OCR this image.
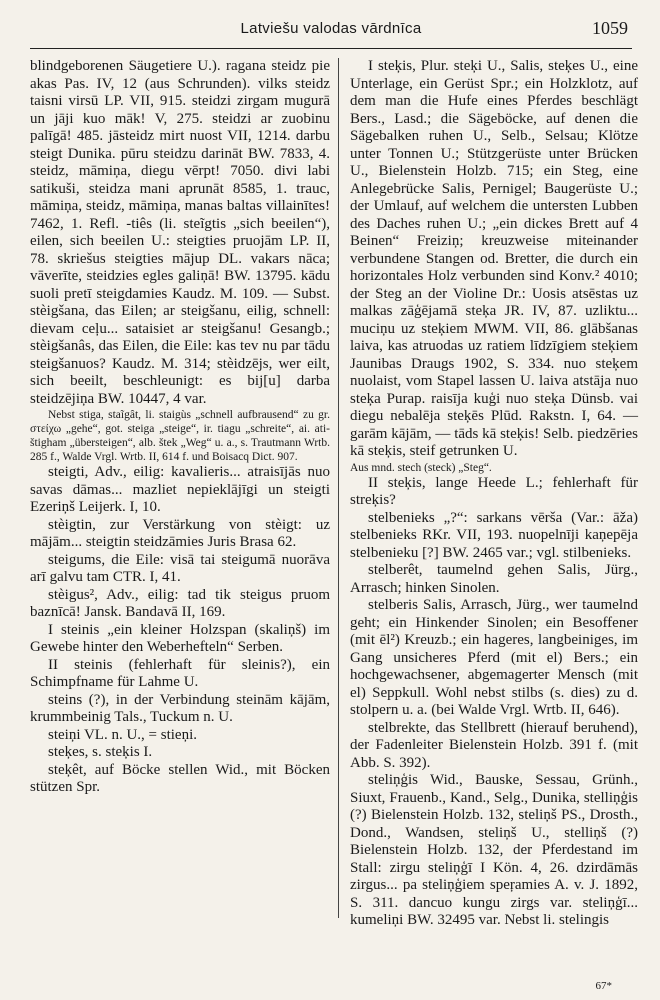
Latviešu valodas vārdnīca	1059

blindgeborenen Säugetiere U.). ragana steidz pie akas Pas. IV, 12 (aus Schrunden). vilks steidz taisni virsū LP. VII, 915. steidzi zirgam mugurā un jāji kuo māk! V, 275. steidzi ar zuobinu palīgā! 485. jāsteidz mirt nuost VII, 1214. darbu steigt Dunika. pūru steidzu darināt BW. 7833, 4. steidz, māmiņa, diegu vērpt! 7050. divi labi satikuši, steidza mani aprunāt 8585, 1. trauc, māmiņa, steidz, māmiņa, manas baltas villainītes! 7462, 1. Refl. -tiês (li. steĩgtis „sich beeilen“), eilen, sich beeilen U.: steigties pruojām LP. II, 78. skriešus steigties mājup DL. vakars nāca; vāverīte, steidzies egles galiņā! BW. 13795. kādu suoli pretī steigdamies Kaudz. M. 109. — Subst. stèigšana, das Eilen; ar steigšanu, eilig, schnell: dievam ceļu... sataisiet ar steigšanu! Gesangb.; stèigšanâs, das Eilen, die Eile: kas tev nu par tādu steigšanuos? Kaudz. M. 314; stèidzējs, wer eilt, sich beeilt, beschleunigt: es bij[u] darba steidzējiņa BW. 10447, 4 var.

Nebst stiga, staĩgât, li. staigùs „schnell aufbrausend“ zu gr. στείχω „gehe“, got. steiga „steige“, ir. tiagu „schreite“, ai. ati-štigham „übersteigen“, alb. štek „Weg“ u. a., s. Trautmann Wrtb. 285 f., Walde Vrgl. Wrtb. II, 614 f. und Boisacq Dict. 907.

steigti, Adv., eilig: kavalieris... atraisījās nuo savas dāmas... mazliet nepieklājīgi un steigti Ezeriņš Leijerk. I, 10.

stèigtin, zur Verstärkung von stèigt: uz mājām... steigtin steidzāmies Juris Brasa 62.

steigums, die Eile: visā tai steigumā nuorāva arī galvu tam CTR. I, 41.

stèigus², Adv., eilig: tad tik steigus pruom baznīcā! Jansk. Bandavā II, 169.

I steinis „ein kleiner Holzspan (skaliņš) im Gewebe hinter den Weberhefteln“ Serben.

II steinis (fehlerhaft für sleinis?), ein Schimpfname für Lahme U.

steins (?), in der Verbindung steinām kājām, krummbeinig Tals., Tuckum n. U.

steiņi VL. n. U., = stieņi.

steķes, s. steķis I.

steķêt, auf Böcke stellen Wid., mit Böcken stützen Spr.

I steķis, Plur. steķi U., Salis, steķes U., eine Unterlage, ein Gerüst Spr.; ein Holzklotz, auf dem man die Hufe eines Pferdes beschlägt Bers., Lasd.; die Sägeböcke, auf denen die Sägebalken ruhen U., Selb., Selsau; Klötze unter Tonnen U.; Stützgerüste unter Brücken U., Bielenstein Holzb. 715; ein Steg, eine Anlegebrücke Salis, Pernigel; Baugerüste U.; der Umlauf, auf welchem die untersten Lubben des Daches ruhen U.; „ein dickes Brett auf 4 Beinen“ Freiziņ; kreuzweise miteinander verbundene Stangen od. Bretter, die durch ein horizontales Holz verbunden sind Konv.² 4010; der Steg an der Violine Dr.: Uosis atsēstas uz malkas zāģējamā steķa JR. IV, 87. uzliktu... muciņu uz steķiem MWM. VII, 86. glābšanas laiva, kas atruodas uz ratiem līdzīgiem steķiem Jaunibas Draugs 1902, S. 334. nuo steķem nuolaist, vom Stapel lassen U. laiva atstāja nuo steķa Purap. raisīja kuģi nuo steķa Dünsb. vai diegu nebalēja steķēs Plūd. Rakstn. I, 64. — garām kājām, — tāds kā steķis! Selb. piedzēries kā steķis, steif getrunken U.

Aus mnd. stech (steck) „Steg“.

II steķis, lange Heede L.; fehlerhaft für streķis?

stelbenieks „?“: sarkans vērša (Var.: āža) stelbenieks RKr. VII, 193. nuopelnīji kaņepēja stelbenieku [?] BW. 2465 var.; vgl. stilbenieks.

stelberêt, taumelnd gehen Salis, Jürg., Arrasch; hinken Sinolen.

stelberis Salis, Arrasch, Jürg., wer taumelnd geht; ein Hinkender Sinolen; ein Besoffener (mit ēl²) Kreuzb.; ein hageres, langbeiniges, im Gang unsicheres Pferd (mit el) Bers.; ein hochgewachsener, abgemagerter Mensch (mit el) Seppkull. Wohl nebst stilbs (s. dies) zu d. stolpern u. a. (bei Walde Vrgl. Wrtb. II, 646).

stelbrekte, das Stellbrett (hierauf beruhend), der Fadenleiter Bielenstein Holzb. 391 f. (mit Abb. S. 392).

steliņģis Wid., Bauske, Sessau, Grünh., Siuxt, Frauenb., Kand., Selg., Dunika, stelliņģis (?) Bielenstein Holzb. 132, steliņš PS., Drosth., Dond., Wandsen, steliņš U., stelliņš (?) Bielenstein Holzb. 132, der Pferdestand im Stall: zirgu steliņģī I Kön. 4, 26. dzirdāmās zirgus... pa steliņģiem speŗamies A. v. J. 1892, S. 311. dancuo kungu zirgs var. steliņģī... kumeliņi BW. 32495 var. Nebst li. stelingis

67*
